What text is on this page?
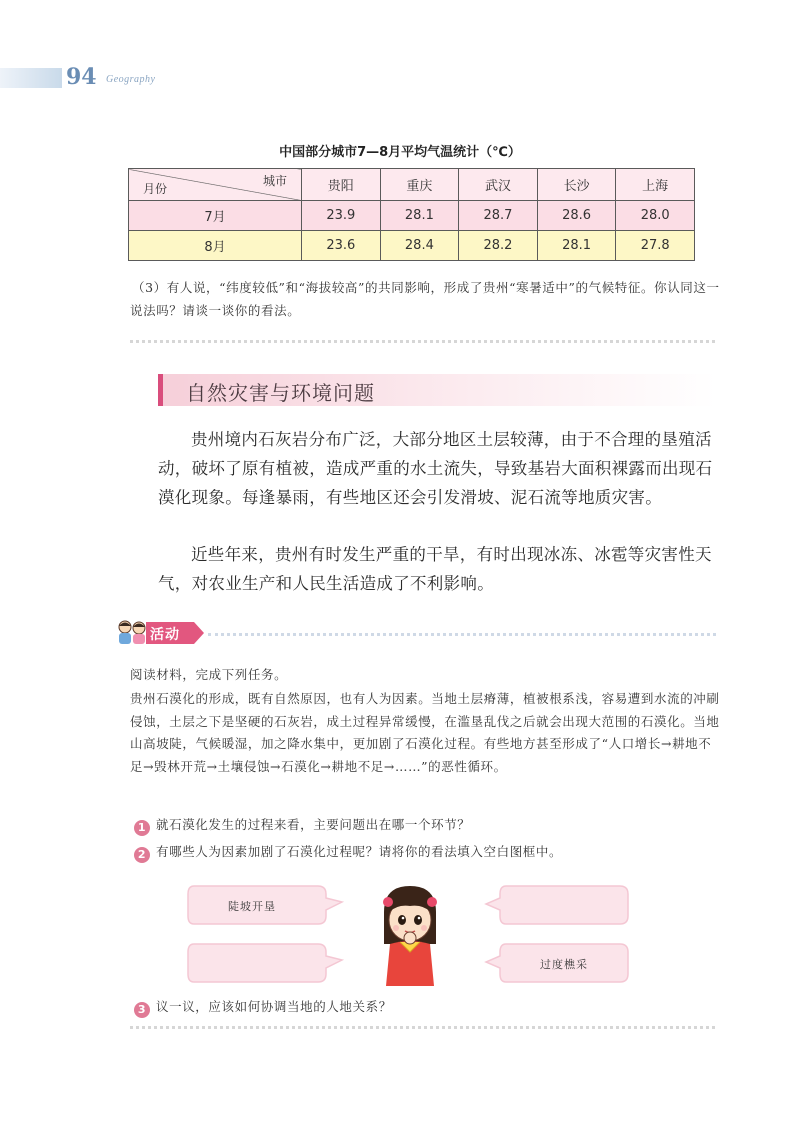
94 Geography
中国部分城市7—8月平均气温统计（℃）
城市
月份	贵阳	重庆	武汉	长沙	上海
7月	23.9	28.1	28.7	28.6	28.0
8月	23.6	28.4	28.2	28.1	27.8
（3）有人说，“纬度较低”和“海拔较高”的共同影响，形成了贵州“寒暑适中”的气候特征。你认同这一说法吗？请谈一谈你的看法。
自然灾害与环境问题
贵州境内石灰岩分布广泛，大部分地区土层较薄，由于不合理的垦殖活动，破坏了原有植被，造成严重的水土流失，导致基岩大面积裸露而出现石漠化现象。每逢暴雨，有些地区还会引发滑坡、泥石流等地质灾害。
近些年来，贵州有时发生严重的干旱，有时出现冰冻、冰雹等灾害性天气，对农业生产和人民生活造成了不利影响。
活动
阅读材料，完成下列任务。
贵州石漠化的形成，既有自然原因，也有人为因素。当地土层瘠薄，植被根系浅，容易遭到水流的冲刷侵蚀，土层之下是坚硬的石灰岩，成土过程异常缓慢，在滥垦乱伐之后就会出现大范围的石漠化。当地山高坡陡，气候暖湿，加之降水集中，更加剧了石漠化过程。有些地方甚至形成了“人口增长→耕地不足→毁林开荒→土壤侵蚀→石漠化→耕地不足→……”的恶性循环。
1 就石漠化发生的过程来看，主要问题出在哪一个环节？
2 有哪些人为因素加剧了石漠化过程呢？请将你的看法填入空白图框中。
陡坡开垦
过度樵采
3 议一议，应该如何协调当地的人地关系？
